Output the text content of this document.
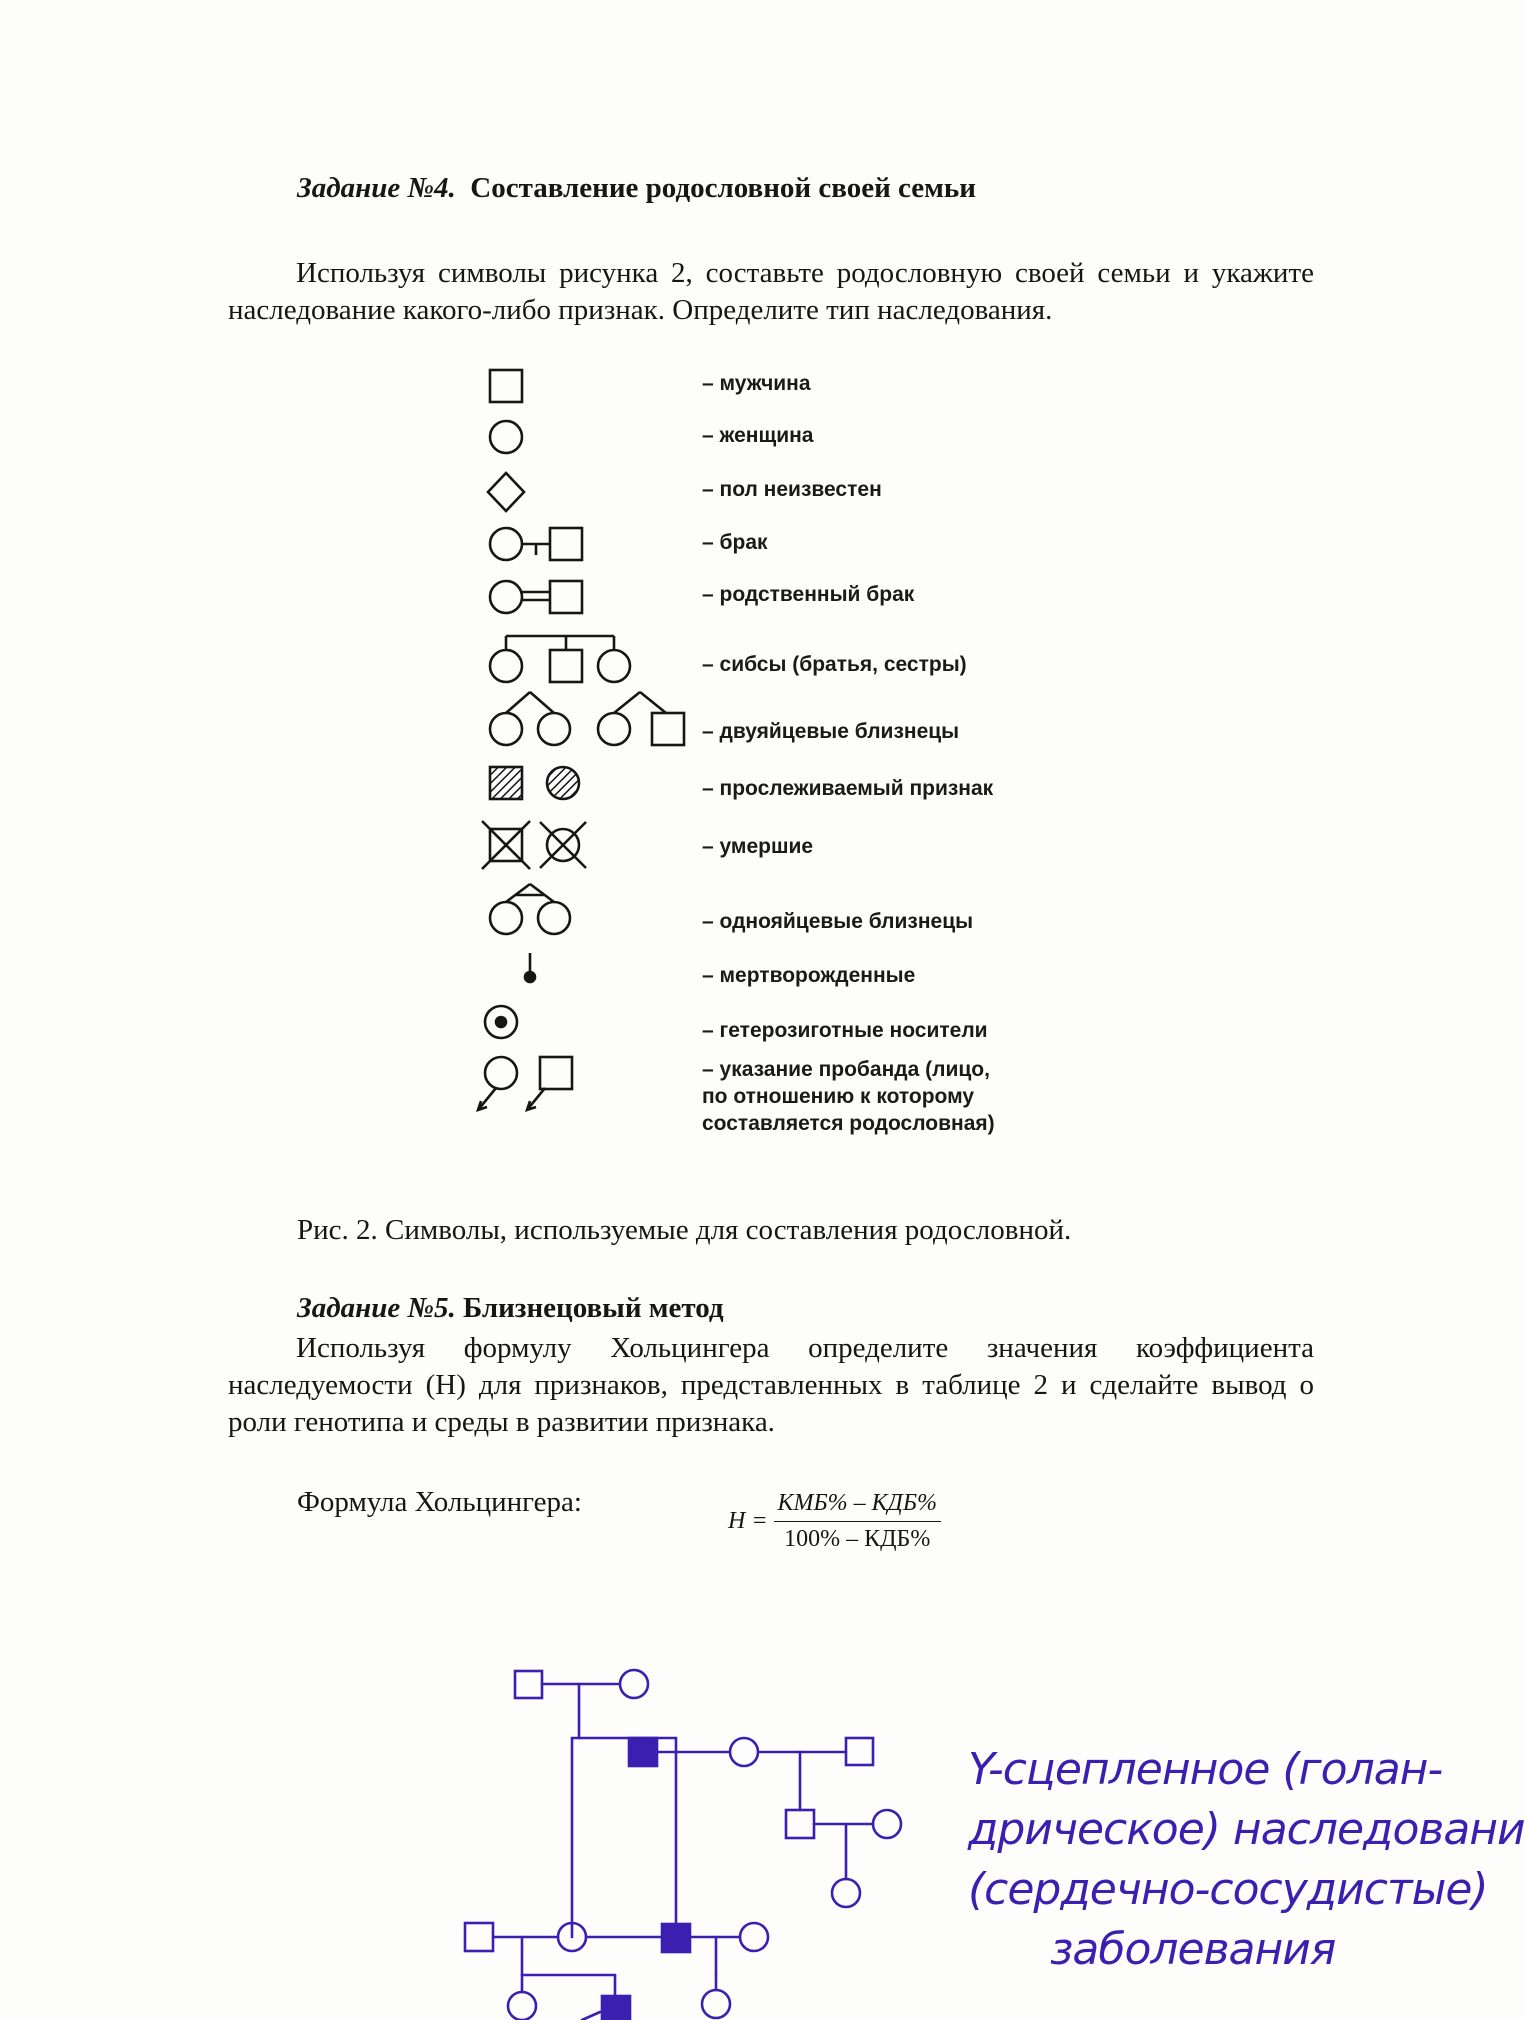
Задание №4. Составление родословной своей семьи
Используя символы рисунка 2, составьте родословную своей семьи и укажите наследование какого-либо признак. Определите тип наследования.
– мужчина
– женщина
– пол неизвестен
– брак
– родственный брак
– сибсы (братья, сестры)
– двуяйцевые близнецы
– прослеживаемый признак
– умершие
– однояйцевые близнецы
– мертворожденные
– гетерозиготные носители
– указание пробанда (лицо,
по отношению к которому
составляется родословная)
Рис. 2. Символы, используемые для составления родословной.
Задание №5. Близнецовый метод
Используя формулу Хольцингера определите значения коэффициента наследуемости (Н) для признаков, представленных в таблице 2 и сделайте вывод о роли генотипа и среды в развитии признака.
Формула Хольцингера:
$H = \frac{\text{КМБ\% – КДБ\%}}{\text{100\% – КДБ\%}}$
Y-сцепленное (голан-
дрическое) наследовани
(сердечно-сосудистые)
заболевания
